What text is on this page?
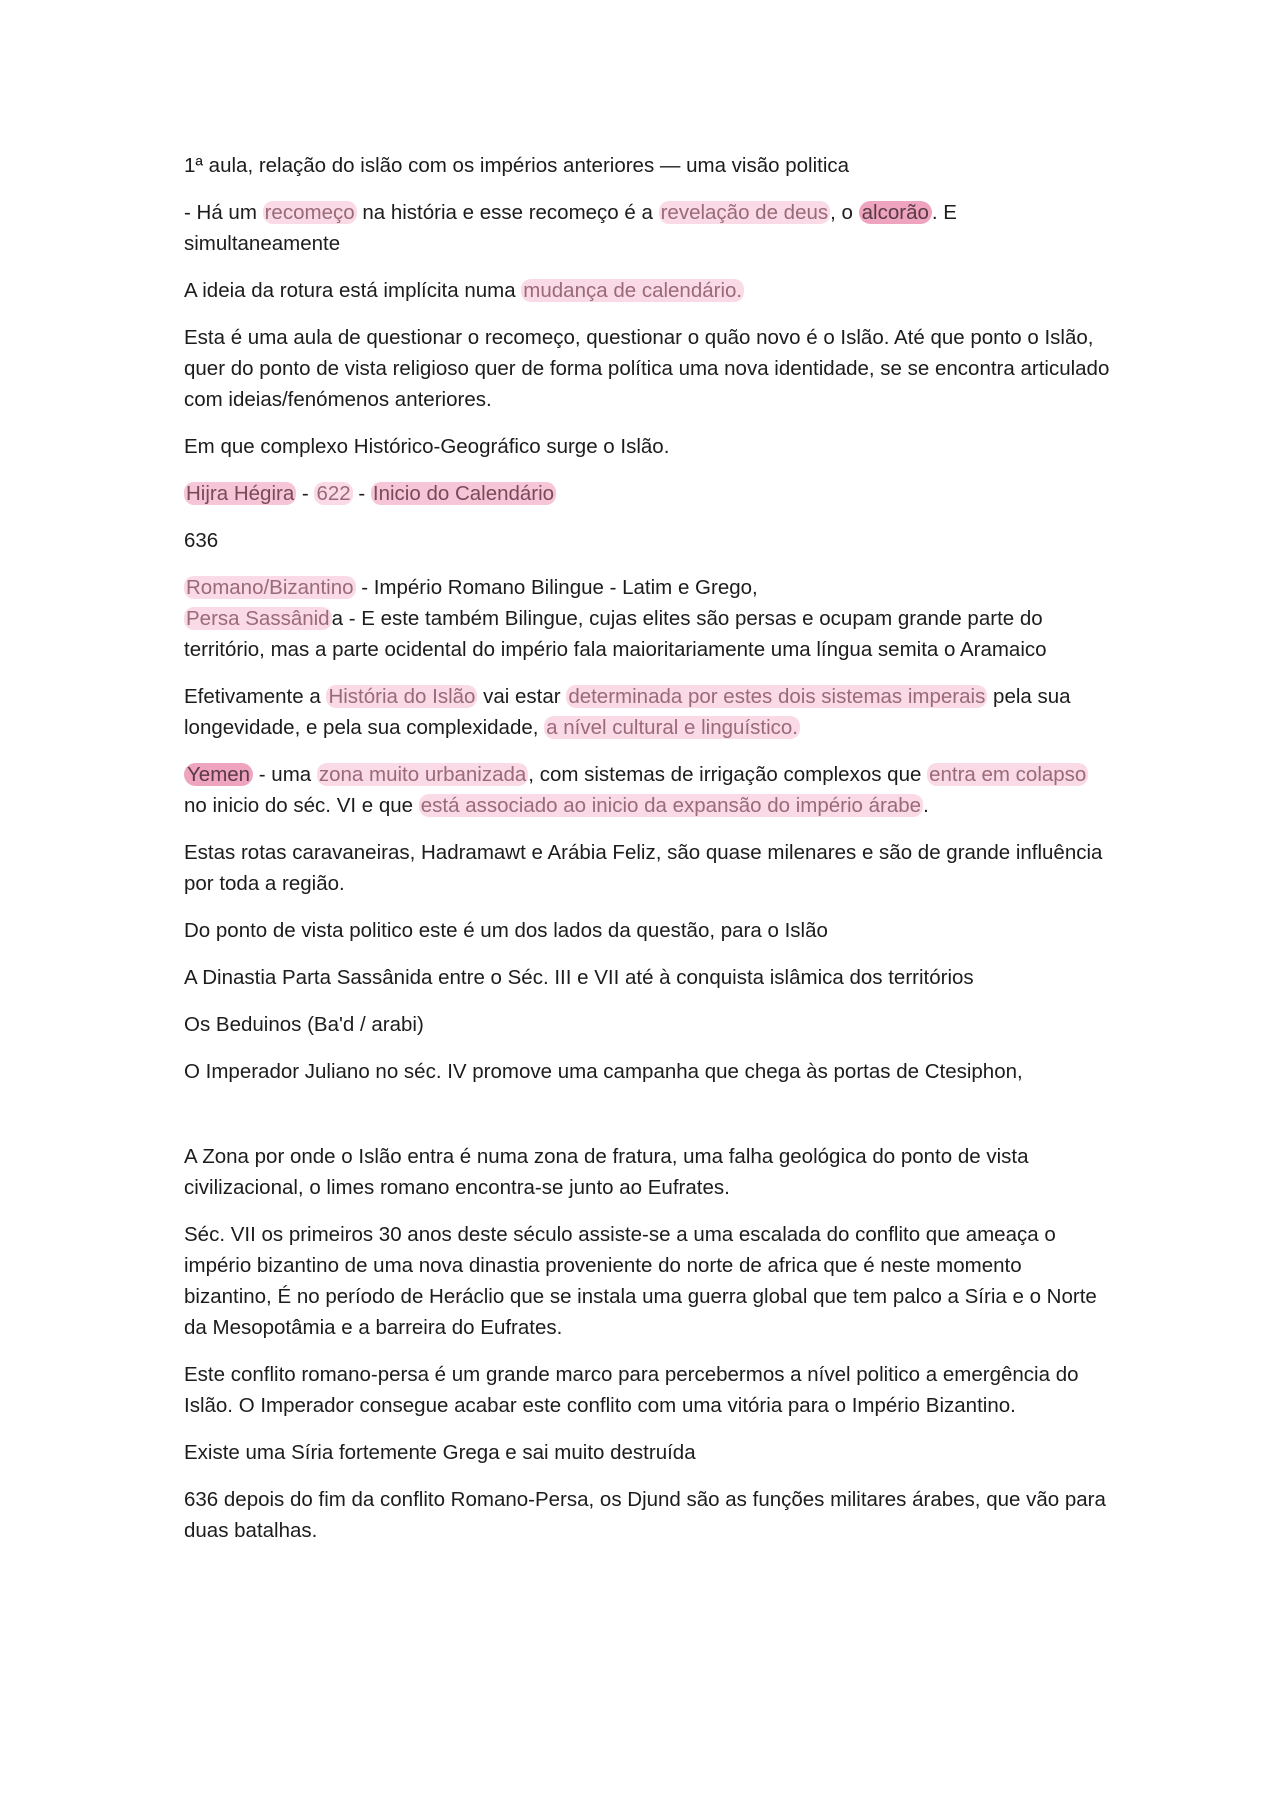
1ª aula, relação do islão com os impérios anteriores — uma visão politica

- Há um recomeço na história e esse recomeço é a revelação de deus, o alcorão . E simultaneamente

A ideia da rotura está implícita numa mudança de calendário.

Esta é uma aula de questionar o recomeço, questionar o quão novo é o Islão. Até que ponto o Islão, quer do ponto de vista religioso quer de forma política uma nova identidade, se se encontra articulado com ideias/fenómenos anteriores.

Em que complexo Histórico-Geográfico surge o Islão.

Hijra Hégira - 622 - Inicio do Calendário

636

Romano/Bizantino - Império Romano Bilingue - Latim e Grego,
Persa Sassânida - E este também Bilingue, cujas elites são persas e ocupam grande parte do território, mas a parte ocidental do império fala maioritariamente uma língua semita o Aramaico

Efetivamente a História do Islão vai estar determinada por estes dois sistemas imperais pela sua longevidade, e pela sua complexidade, a nível cultural e linguístico.

Yemen - uma zona muito urbanizada, com sistemas de irrigação complexos que entra em colapso no inicio do séc. VI e que está associado ao inicio da expansão do império árabe.

Estas rotas caravaneiras, Hadramawt e Arábia Feliz, são quase milenares e são de grande influência por toda a região.

Do ponto de vista politico este é um dos lados da questão, para o Islão

A Dinastia Parta Sassânida entre o Séc. III e VII até à conquista islâmica dos territórios

Os Beduinos (Ba'd / arabi)

O Imperador Juliano no séc. IV promove uma campanha que chega às portas de Ctesiphon,

A Zona por onde o Islão entra é numa zona de fratura, uma falha geológica do ponto de vista civilizacional, o limes romano encontra-se junto ao Eufrates.

Séc. VII os primeiros 30 anos deste século assiste-se a uma escalada do conflito que ameaça o império bizantino de uma nova dinastia proveniente do norte de africa que é neste momento bizantino, É no período de Heráclio que se instala uma guerra global que tem palco a Síria e o Norte da Mesopotâmia e a barreira do Eufrates.

Este conflito romano-persa é um grande marco para percebermos a nível politico a emergência do Islão. O Imperador consegue acabar este conflito com uma vitória para o Império Bizantino.

Existe uma Síria fortemente Grega e sai muito destruída

636 depois do fim da conflito Romano-Persa, os Djund são as funções militares árabes, que vão para duas batalhas.
